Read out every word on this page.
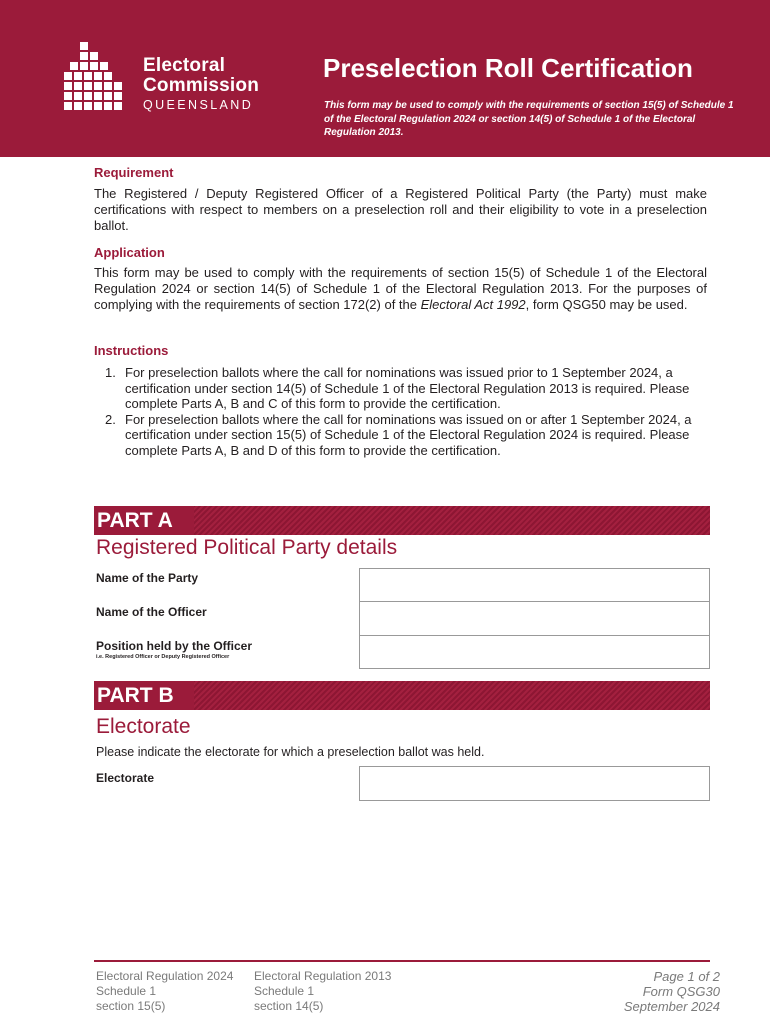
Electoral
Commission
QUEENSLAND
Preselection Roll Certification
This form may be used to comply with the requirements of section 15(5) of Schedule 1 of the Electoral Regulation 2024 or section 14(5) of Schedule 1 of the Electoral Regulation 2013.
Requirement
The Registered / Deputy Registered Officer of a Registered Political Party (the Party) must make certifications with respect to members on a preselection roll and their eligibility to vote in a preselection ballot.
Application
This form may be used to comply with the requirements of section 15(5) of Schedule 1 of the Electoral Regulation 2024 or section 14(5) of Schedule 1 of the Electoral Regulation 2013. For the purposes of complying with the requirements of section 172(2) of the Electoral Act 1992, form QSG50 may be used.
Instructions
1. For preselection ballots where the call for nominations was issued prior to 1 September 2024, a certification under section 14(5) of Schedule 1 of the Electoral Regulation 2013 is required. Please complete Parts A, B and C of this form to provide the certification.
2. For preselection ballots where the call for nominations was issued on or after 1 September 2024, a certification under section 15(5) of Schedule 1 of the Electoral Regulation 2024 is required. Please complete Parts A, B and D of this form to provide the certification.
PART A
Registered Political Party details
Name of the Party
Name of the Officer
Position held by the Officer
i.e. Registered Officer or Deputy Registered Officer
PART B
Electorate
Please indicate the electorate for which a preselection ballot was held.
Electorate
Electoral Regulation 2024
Schedule 1
section 15(5)
Electoral Regulation 2013
Schedule 1
section 14(5)
Page 1 of 2
Form QSG30
September 2024
